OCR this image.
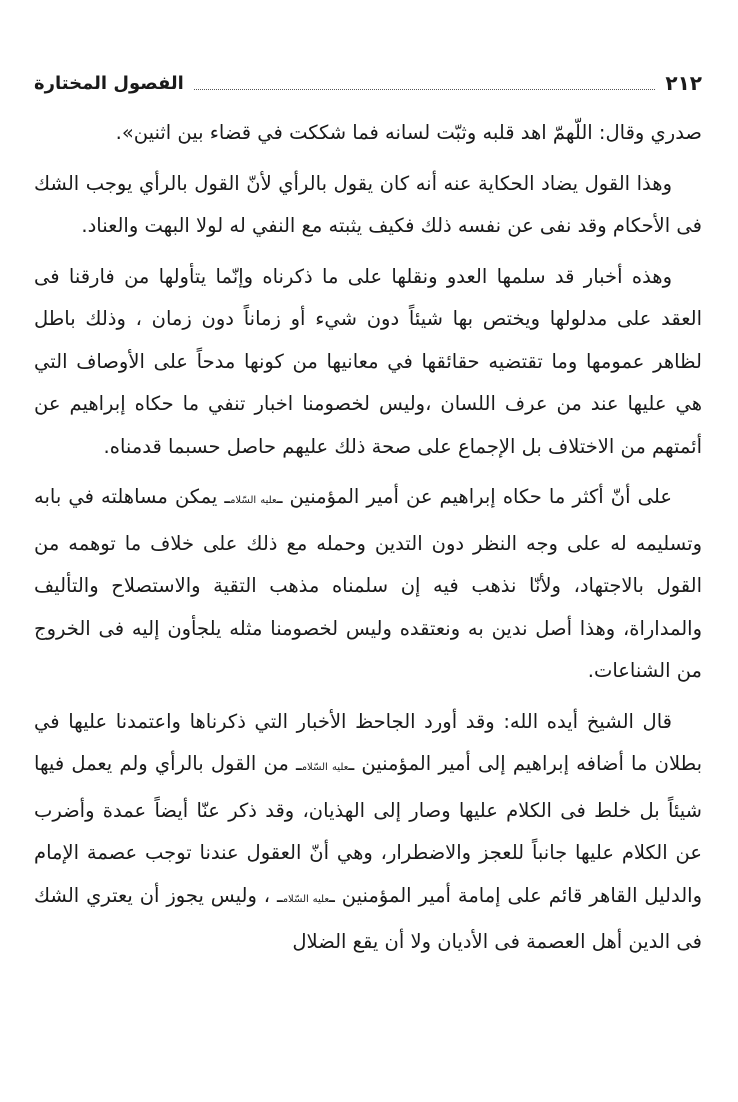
٢١٢
الفصول المختارة

صدري وقال: اللّهمّ اهد قلبه وثبّت لسانه فما شككت في قضاء بين اثنين».

وهذا القول يضاد الحكاية عنه أنه كان يقول بالرأي لأنّ القول بالرأي يوجب الشك فى الأحكام وقد نفى عن نفسه ذلك فكيف يثبته مع النفي له لولا البهت والعناد.

وهذه أخبار قد سلمها العدو ونقلها على ما ذكرناه وإنّما يتأولها من فارقنا فى العقد على مدلولها ويختص بها شيئاً دون شيء أو زماناً دون زمان ، وذلك باطل لظاهر عمومها وما تقتضيه حقائقها في معانيها من كونها مدحاً على الأوصاف التي هي عليها عند من عرف اللسان ،وليس لخصومنا اخبار تنفي ما حكاه إبراهيم عن أئمتهم من الاختلاف بل الإجماع على صحة ذلك عليهم حاصل حسبما قدمناه.

على أنّ أكثر ما حكاه إبراهيم عن أمير المؤمنين ـعليه السّلامـ يمكن مساهلته في بابه وتسليمه له على وجه النظر دون التدين وحمله مع ذلك على خلاف ما توهمه من القول بالاجتهاد، ولأنّا نذهب فيه إن سلمناه مذهب التقية والاستصلاح والتأليف والمداراة، وهذا أصل ندين به ونعتقده وليس لخصومنا مثله يلجأون إليه فى الخروج من الشناعات.

قال الشيخ أيده الله: وقد أورد الجاحظ الأخبار التي ذكرناها واعتمدنا عليها في بطلان ما أضافه إبراهيم إلى أمير المؤمنين ـعليه السّلامـ من القول بالرأي ولم يعمل فيها شيئاً بل خلط فى الكلام عليها وصار إلى الهذيان، وقد ذكر عنّا أيضاً عمدة وأضرب عن الكلام عليها جانباً للعجز والاضطرار، وهي أنّ العقول عندنا توجب عصمة الإمام والدليل القاهر قائم على إمامة أمير المؤمنين ـعليه السّلامـ ، وليس يجوز أن يعتري الشك فى الدين أهل العصمة فى الأديان ولا أن يقع الضلال
